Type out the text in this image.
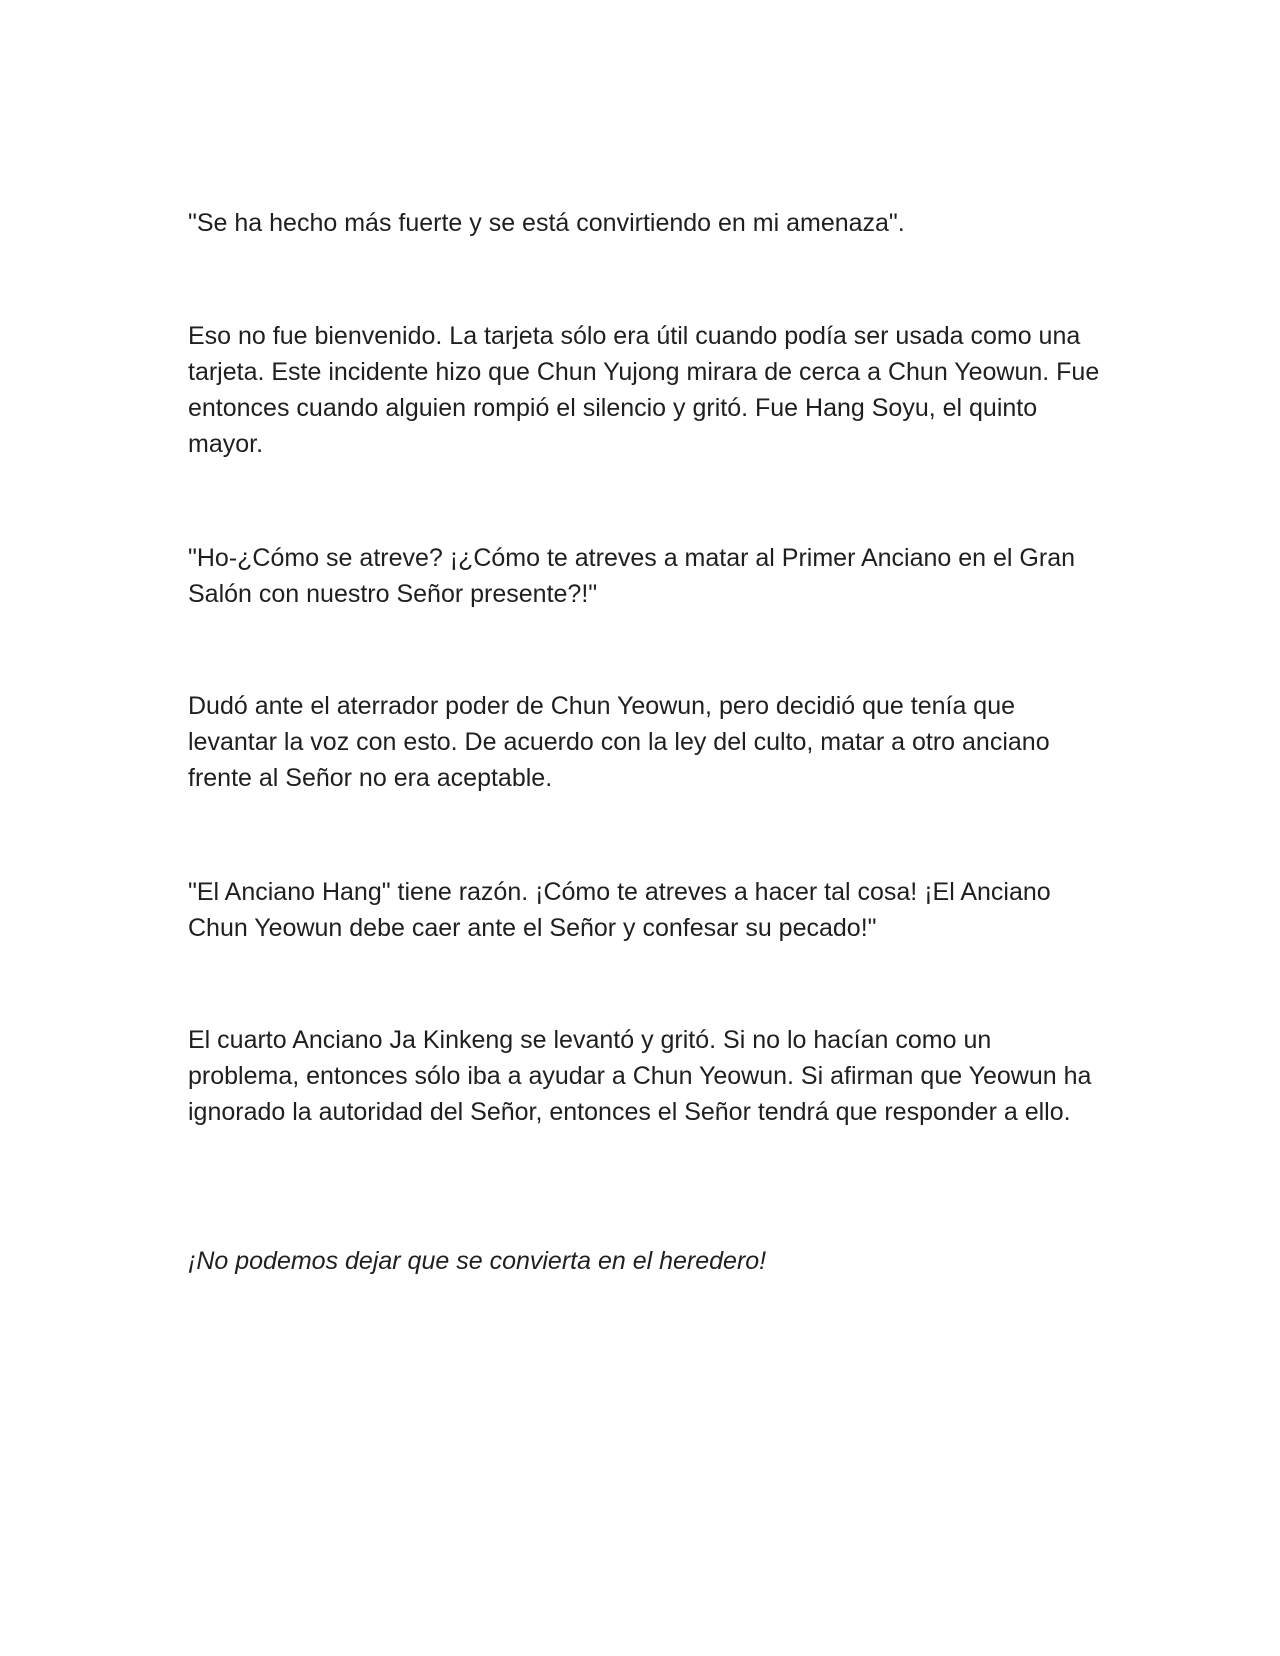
"Se ha hecho más fuerte y se está convirtiendo en mi amenaza".

Eso no fue bienvenido. La tarjeta sólo era útil cuando podía ser usada como una tarjeta. Este incidente hizo que Chun Yujong mirara de cerca a Chun Yeowun. Fue entonces cuando alguien rompió el silencio y gritó. Fue Hang Soyu, el quinto mayor.

"Ho-¿Cómo se atreve? ¡¿Cómo te atreves a matar al Primer Anciano en el Gran Salón con nuestro Señor presente?!"

Dudó ante el aterrador poder de Chun Yeowun, pero decidió que tenía que levantar la voz con esto. De acuerdo con la ley del culto, matar a otro anciano frente al Señor no era aceptable.

"El Anciano Hang" tiene razón. ¡Cómo te atreves a hacer tal cosa! ¡El Anciano Chun Yeowun debe caer ante el Señor y confesar su pecado!"

El cuarto Anciano Ja Kinkeng se levantó y gritó. Si no lo hacían como un problema, entonces sólo iba a ayudar a Chun Yeowun. Si afirman que Yeowun ha ignorado la autoridad del Señor, entonces el Señor tendrá que responder a ello.

¡No podemos dejar que se convierta en el heredero!
